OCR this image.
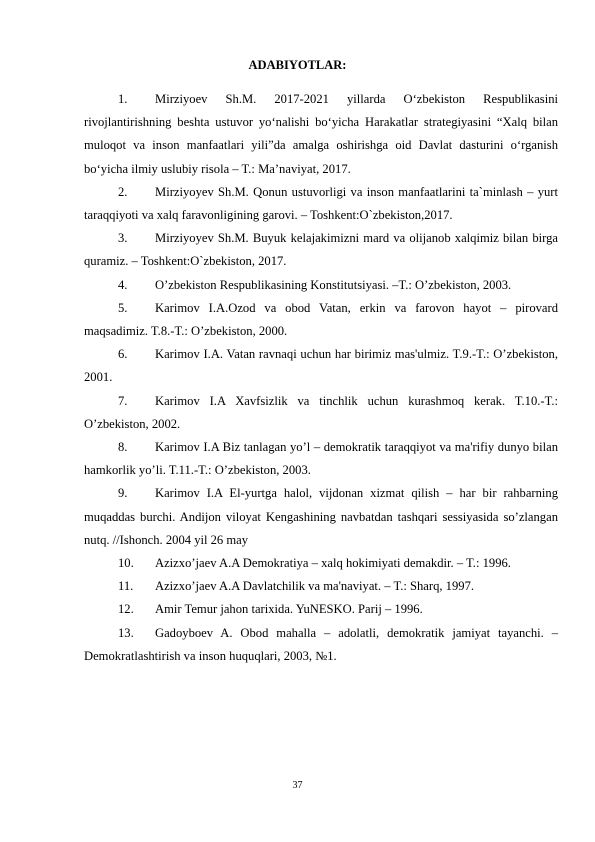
ADABIYOTLAR:
1. Mirziyoev Sh.M. 2017-2021 yillarda O‘zbekiston Respublikasini rivojlantirishning beshta ustuvor yo‘nalishi bo‘yicha Harakatlar strategiyasini “Xalq bilan muloqot va inson manfaatlari yili”da amalga oshirishga oid Davlat dasturini o‘rganish bo‘yicha ilmiy uslubiy risola – T.: Ma’naviyat, 2017.
2. Mirziyoyev Sh.M. Qonun ustuvorligi va inson manfaatlarini ta`minlash – yurt taraqqiyoti va xalq faravonligining garovi. – Toshkent:O`zbekiston,2017.
3. Mirziyoyev Sh.M. Buyuk kelajakimizni mard va olijanob xalqimiz bilan birga quramiz. – Toshkent:O`zbekiston, 2017.
4. O’zbekiston Respublikasining Konstitutsiyasi. –T.: O’zbekiston, 2003.
5. Karimov I.A.Ozod va obod Vatan, erkin va farovon hayot – pirovard maqsadimiz. T.8.-T.: O’zbekiston, 2000.
6. Karimov I.A. Vatan ravnaqi uchun har birimiz mas'ulmiz. T.9.-T.: O’zbekiston, 2001.
7. Karimov I.A Xavfsizlik va tinchlik uchun kurashmoq kerak. T.10.-T.: O’zbekiston, 2002.
8. Karimov I.A Biz tanlagan yo’l – demokratik taraqqiyot va ma'rifiy dunyo bilan hamkorlik yo’li. T.11.-T.: O’zbekiston, 2003.
9. Karimov I.A El-yurtga halol, vijdonan xizmat qilish – har bir rahbarning muqaddas burchi. Andijon viloyat Kengashining navbatdan tashqari sessiyasida so’zlangan nutq. //Ishonch. 2004 yil 26 may
10. Azizxo’jaev A.A Demokratiya – xalq hokimiyati demakdir. – T.: 1996.
11. Azizxo’jaev A.A Davlatchilik va ma'naviyat. – T.: Sharq, 1997.
12. Amir Temur jahon tarixida. YuNESKO. Parij – 1996.
13. Gadoyboev A. Obod mahalla – adolatli, demokratik jamiyat tayanchi. –Demokratlashtirish va inson huquqlari, 2003, №1.
37
